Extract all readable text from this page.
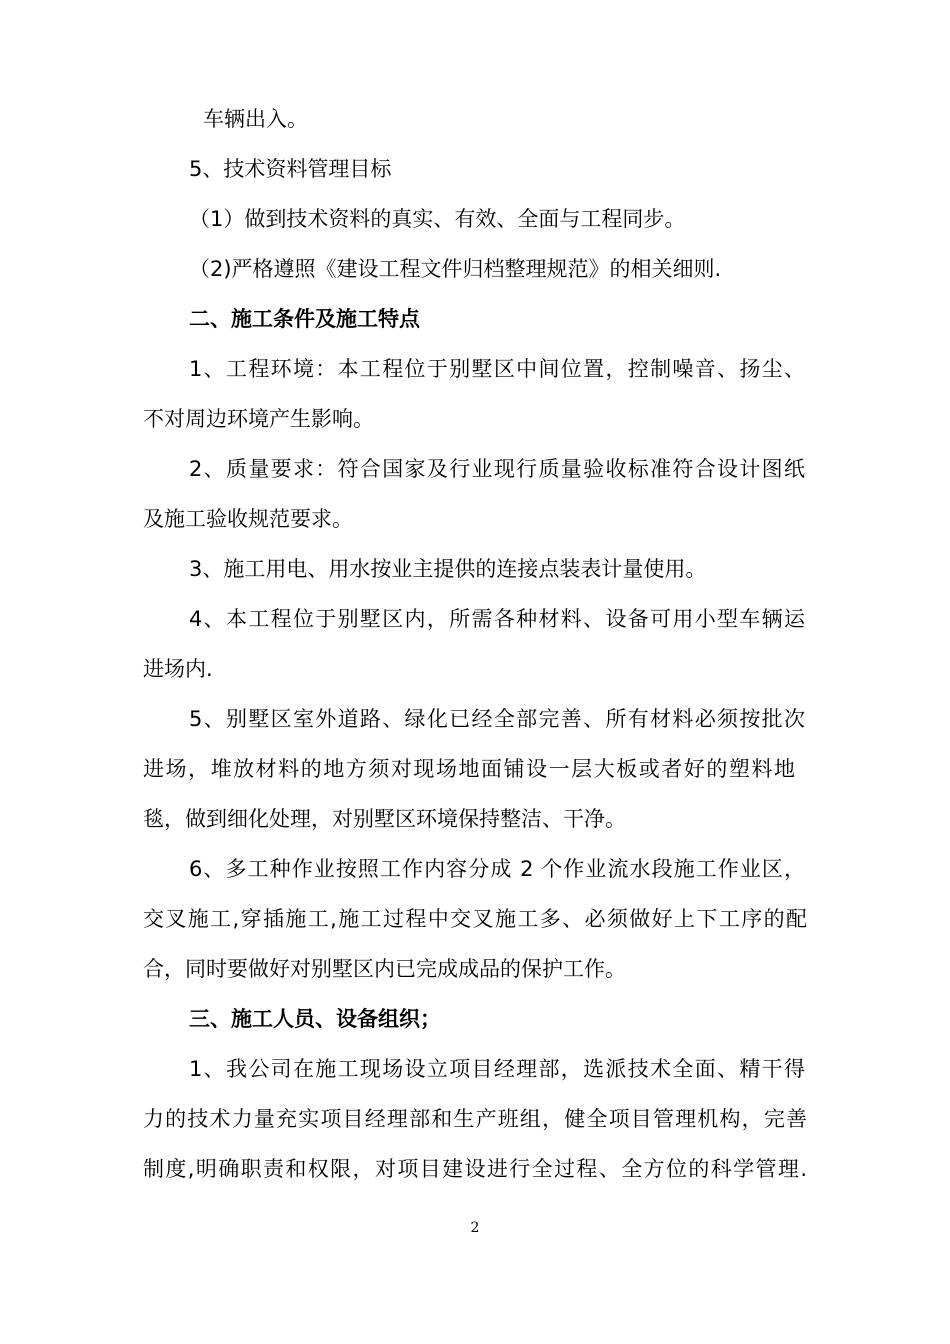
车辆出入。
5、技术资料管理目标
（1）做到技术资料的真实、有效、全面与工程同步。
（2)严格遵照《建设工程文件归档整理规范》的相关细则.
二、施工条件及施工特点
1、工程环境：本工程位于别墅区中间位置，控制噪音、扬尘、
不对周边环境产生影响。
2、质量要求：符合国家及行业现行质量验收标准符合设计图纸
及施工验收规范要求。
3、施工用电、用水按业主提供的连接点装表计量使用。
4、本工程位于别墅区内，所需各种材料、设备可用小型车辆运
进场内.
5、别墅区室外道路、绿化已经全部完善、所有材料必须按批次
进场，堆放材料的地方须对现场地面铺设一层大板或者好的塑料地
毯，做到细化处理，对别墅区环境保持整洁、干净。
6、多工种作业按照工作内容分成 2 个作业流水段施工作业区，
交叉施工,穿插施工,施工过程中交叉施工多、必须做好上下工序的配
合，同时要做好对别墅区内已完成成品的保护工作。
三、施工人员、设备组织；
1、我公司在施工现场设立项目经理部，选派技术全面、精干得
力的技术力量充实项目经理部和生产班组，健全项目管理机构，完善
制度,明确职责和权限，对项目建设进行全过程、全方位的科学管理.
2
